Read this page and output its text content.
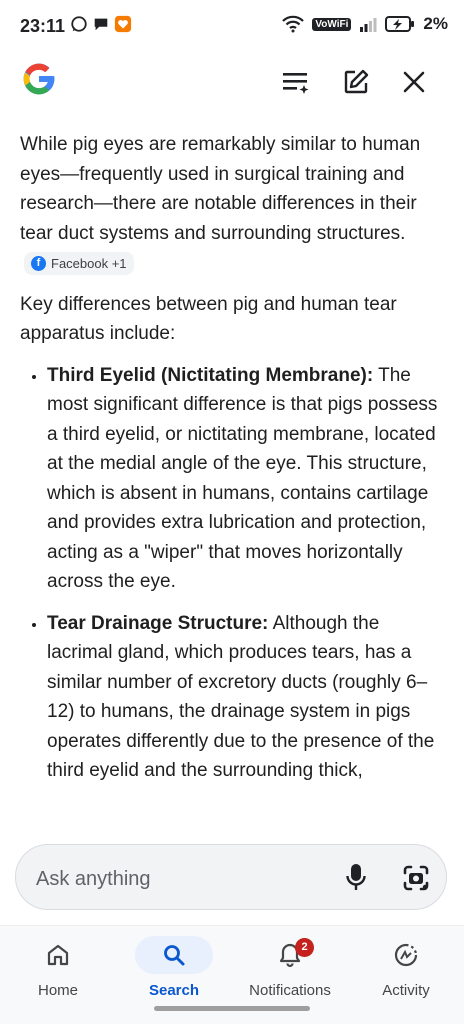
23:11	VoWiFi	2%

While pig eyes are remarkably similar to human eyes—frequently used in surgical training and research—there are notable differences in their tear duct systems and surrounding structures.
f Facebook +1

Key differences between pig and human tear apparatus include:

• Third Eyelid (Nictitating Membrane): The most significant difference is that pigs possess a third eyelid, or nictitating membrane, located at the medial angle of the eye. This structure, which is absent in humans, contains cartilage and provides extra lubrication and protection, acting as a "wiper" that moves horizontally across the eye.
• Tear Drainage Structure: Although the lacrimal gland, which produces tears, has a similar number of excretory ducts (roughly 6–12) to humans, the drainage system in pigs operates differently due to the presence of the third eyelid and the surrounding thick,
Ask anything
Home	Search
2
Notifications	Activity
